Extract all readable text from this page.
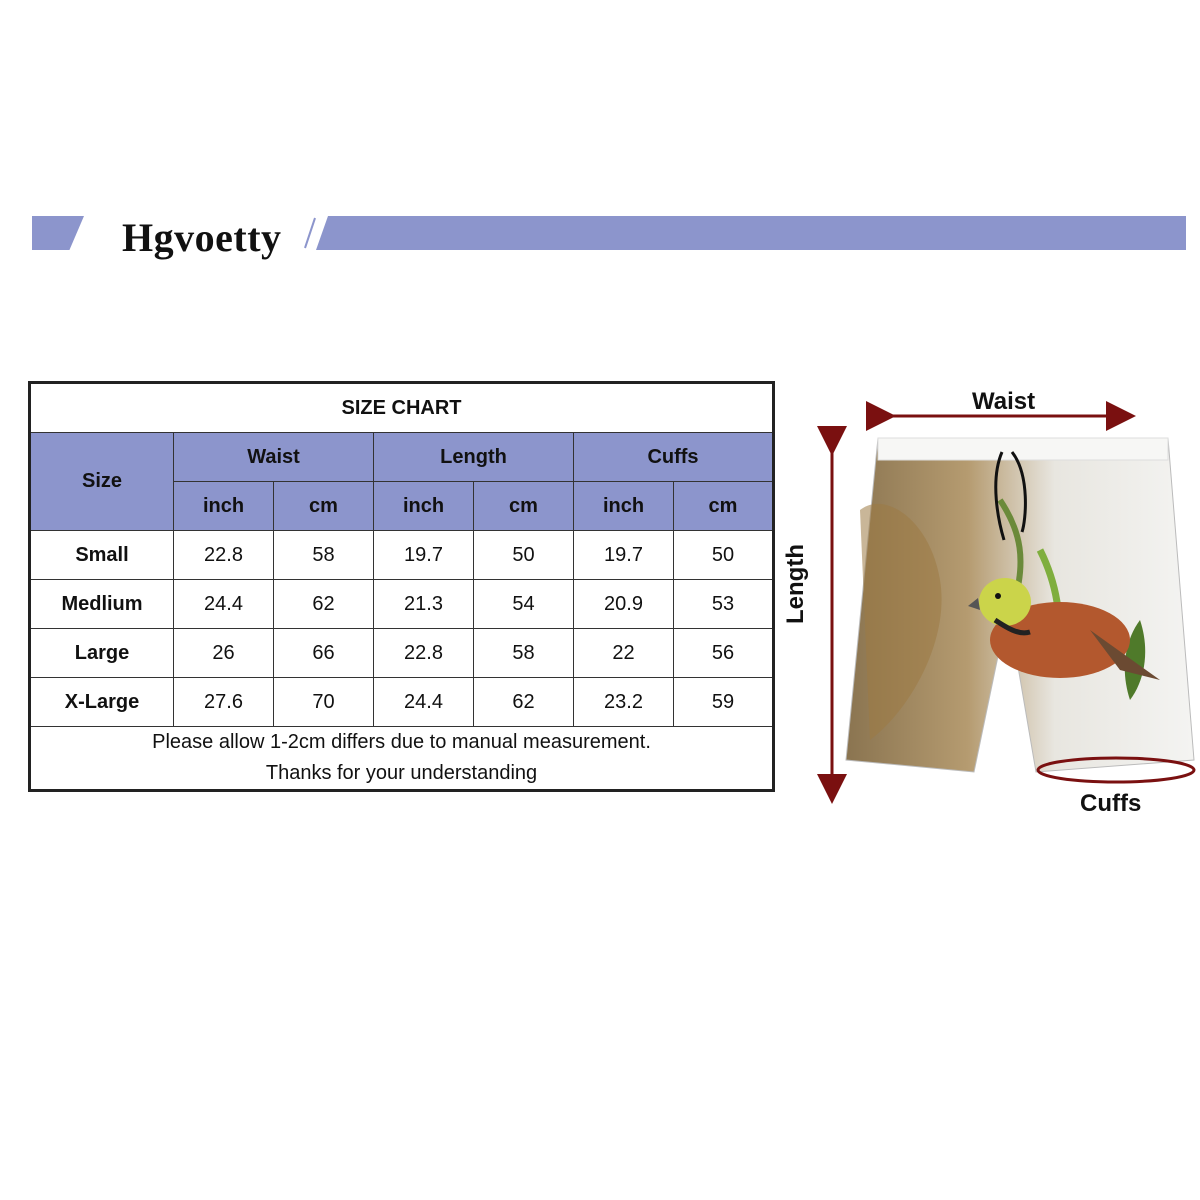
Hgvoetty
SIZE CHART						
Size	Waist		Length		Cuffs	
	inch	cm	inch	cm	inch	cm
Small	22.8	58	19.7	50	19.7	50
Medlium	24.4	62	21.3	54	20.9	53
Large	26	66	22.8	58	22	56
X-Large	27.6	70	24.4	62	23.2	59

Please allow 1-2cm differs due to manual measurement.
Thanks for your understanding						
Waist
Length
Cuffs
